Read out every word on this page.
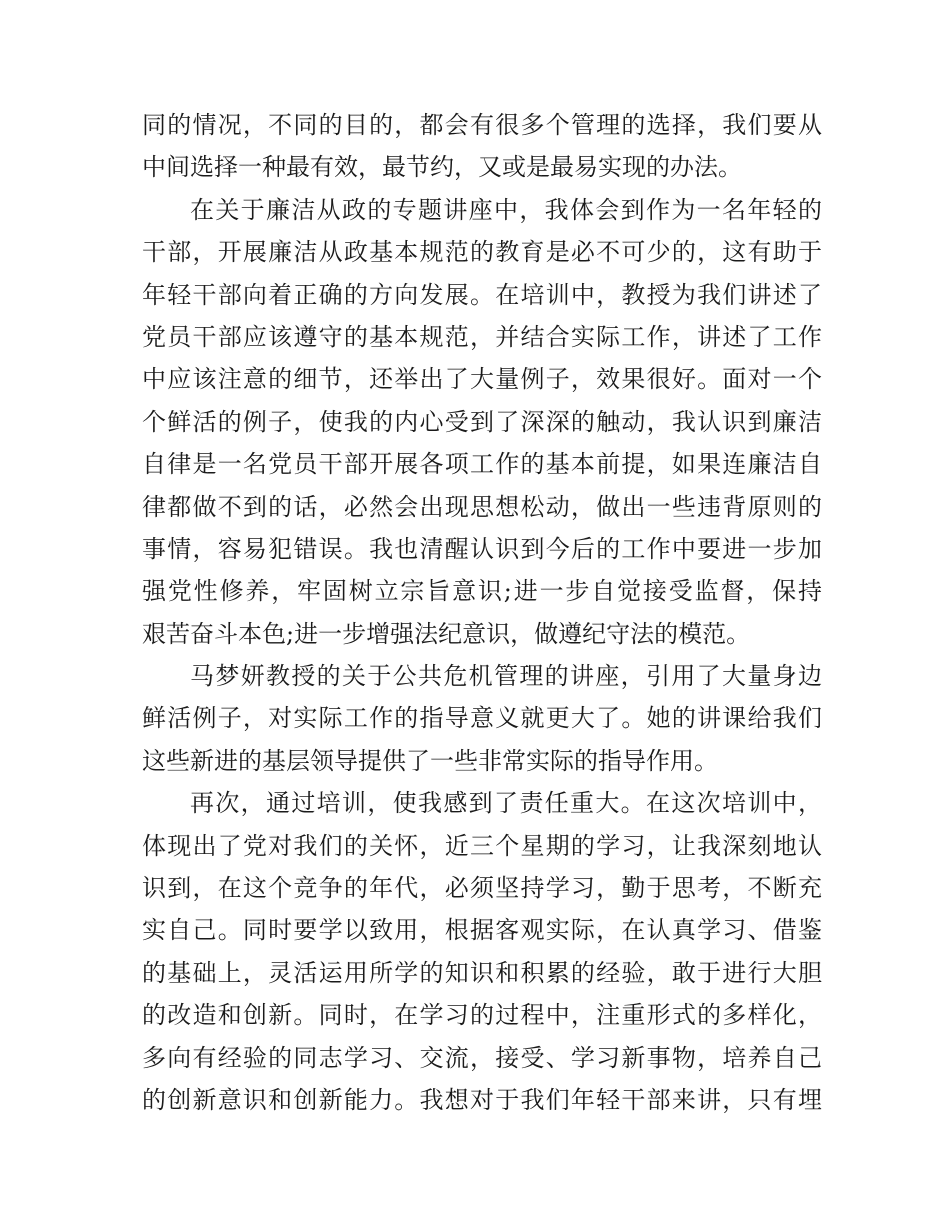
同的情况，不同的目的，都会有很多个管理的选择，我们要从
中间选择一种最有效，最节约，又或是最易实现的办法。
在关于廉洁从政的专题讲座中，我体会到作为一名年轻的
干部，开展廉洁从政基本规范的教育是必不可少的，这有助于
年轻干部向着正确的方向发展。在培训中，教授为我们讲述了
党员干部应该遵守的基本规范，并结合实际工作，讲述了工作
中应该注意的细节，还举出了大量例子，效果很好。面对一个
个鲜活的例子，使我的内心受到了深深的触动，我认识到廉洁
自律是一名党员干部开展各项工作的基本前提，如果连廉洁自
律都做不到的话，必然会出现思想松动，做出一些违背原则的
事情，容易犯错误。我也清醒认识到今后的工作中要进一步加
强党性修养，牢固树立宗旨意识;进一步自觉接受监督，保持
艰苦奋斗本色;进一步增强法纪意识，做遵纪守法的模范。
马梦妍教授的关于公共危机管理的讲座，引用了大量身边
鲜活例子，对实际工作的指导意义就更大了。她的讲课给我们
这些新进的基层领导提供了一些非常实际的指导作用。
再次，通过培训，使我感到了责任重大。在这次培训中，
体现出了党对我们的关怀，近三个星期的学习，让我深刻地认
识到，在这个竞争的年代，必须坚持学习，勤于思考，不断充
实自己。同时要学以致用，根据客观实际，在认真学习、借鉴
的基础上，灵活运用所学的知识和积累的经验，敢于进行大胆
的改造和创新。同时，在学习的过程中，注重形式的多样化，
多向有经验的同志学习、交流，接受、学习新事物，培养自己
的创新意识和创新能力。我想对于我们年轻干部来讲，只有埋
